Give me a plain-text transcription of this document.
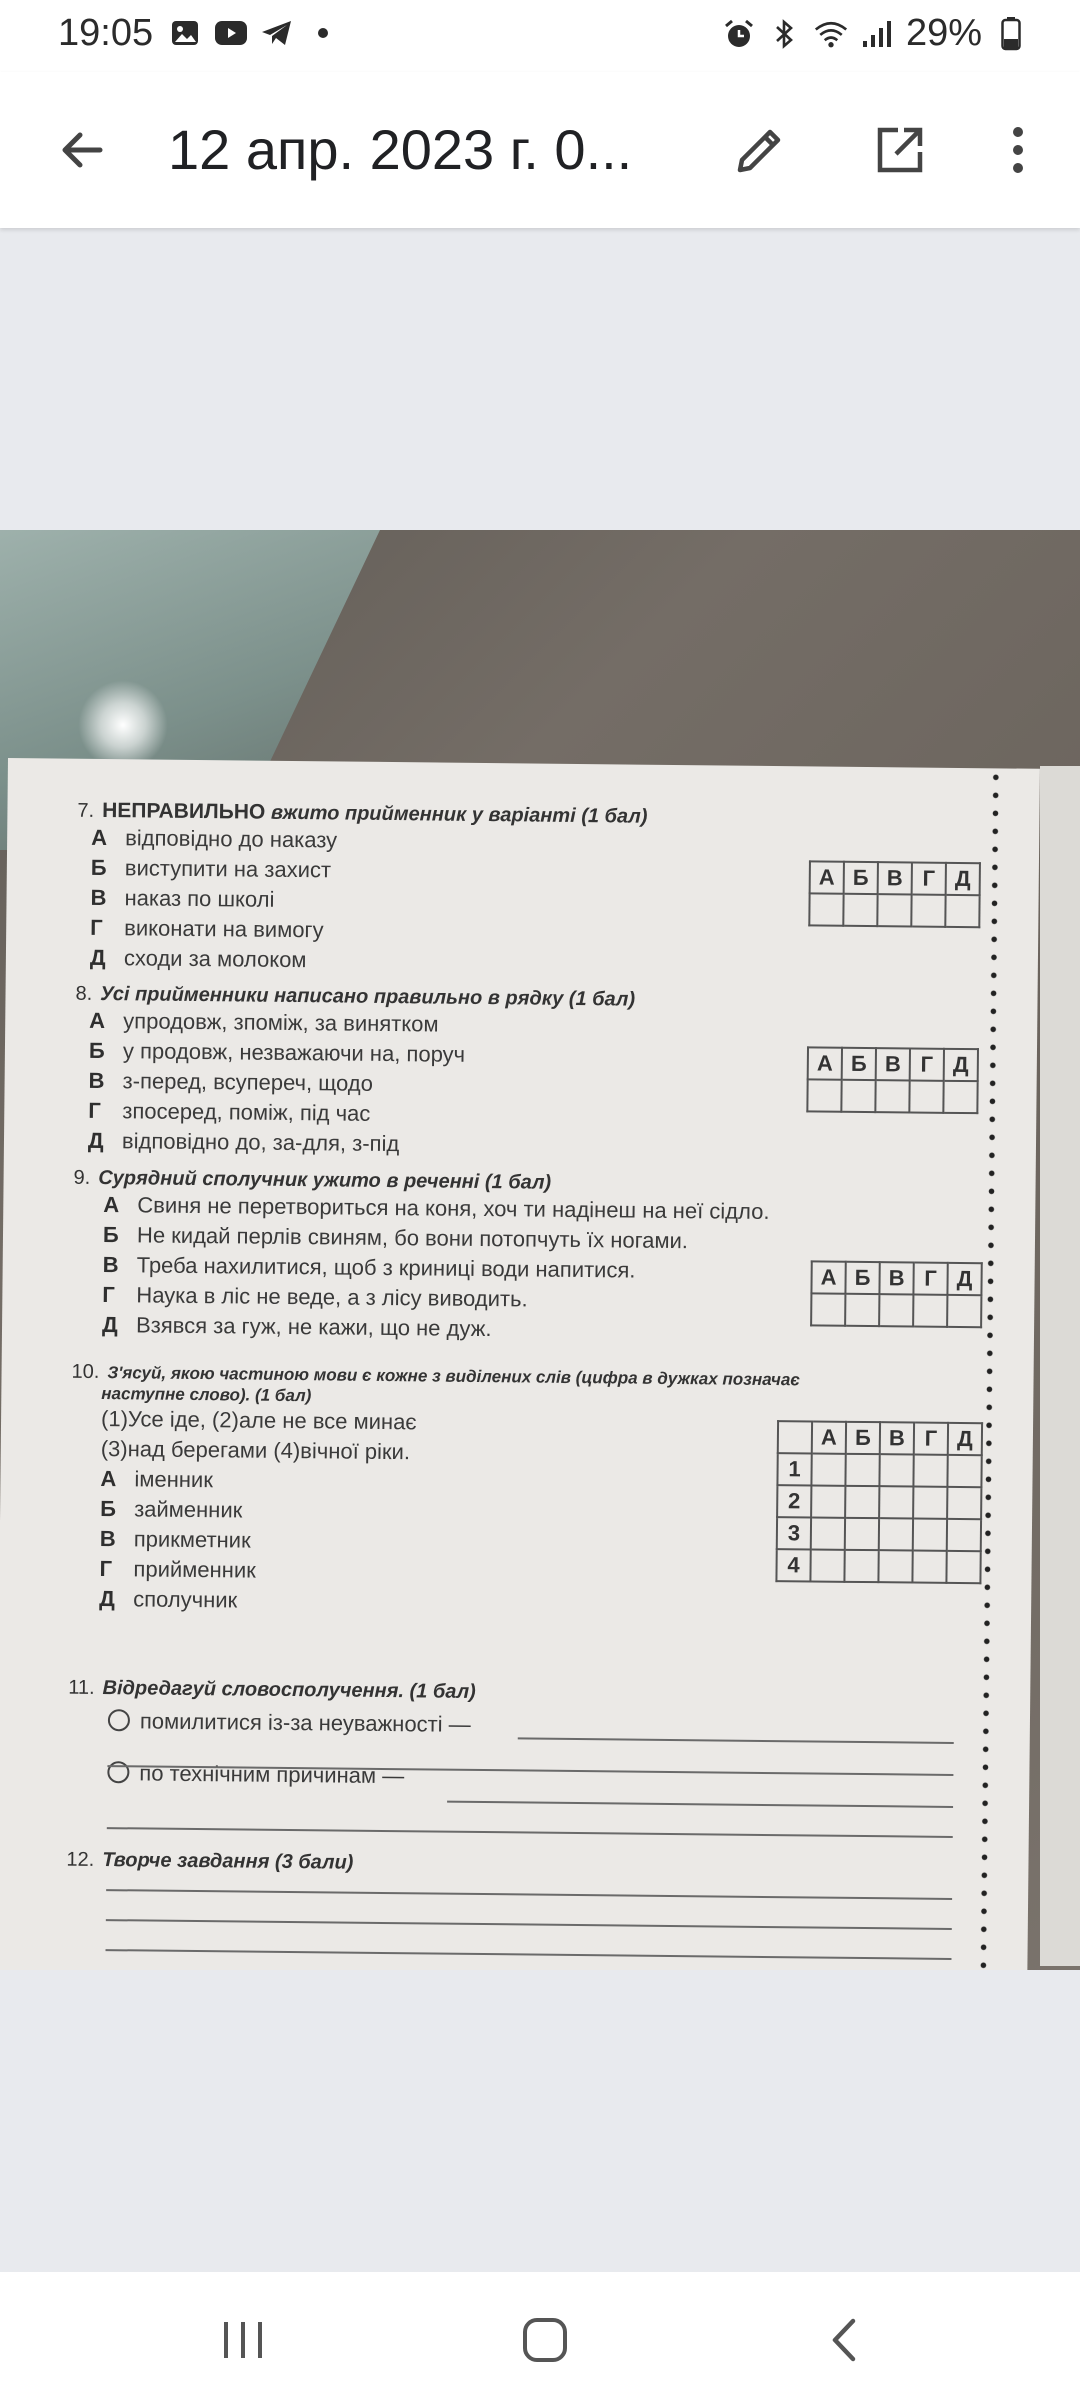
19:05	29%
12 апр. 2023 г. 0...
7. НЕПРАВИЛЬНО вжито прийменник у варіанті (1 бал)
А відповідно до наказу
Б виступити на захист
В наказ по школі
Г виконати на вимогу
Д сходи за молоком
А	Б	В	Г	Д

8. Усі прийменники написано правильно в рядку (1 бал)
А упродовж, зпоміж, за винятком
Б у продовж, незважаючи на, поруч
В з-перед, всупереч, щодо
Г зпосеред, поміж, під час
Д відповідно до, за-для, з-під
А	Б	В	Г	Д

9. Сурядний сполучник ужито в реченні (1 бал)
А Свиня не перетвориться на коня, хоч ти надінеш на неї сідло.
Б Не кидай перлів свиням, бо вони потопчуть їх ногами.
В Треба нахилитися, щоб з криниці води напитися.
Г Наука в ліс не веде, а з лісу виводить.
Д Взявся за гуж, не кажи, що не дуж.
А	Б	В	Г	Д

10. З'ясуй, якою частиною мови є кожне з виділених слів (цифра в дужках позначає
наступне слово). (1 бал)
(1)Усе іде, (2)але не все минає
(3)над берегами (4)вічної ріки.
А іменник
Б займенник
В прикметник
Г прийменник
Д сполучник
	А	Б	В	Г	Д
1					
2					
3					
4					
11. Відредагуй словосполучення. (1 бал)
помилитися із-за неуважності —
по технічним причинам —
12. Творче завдання (3 бали)
